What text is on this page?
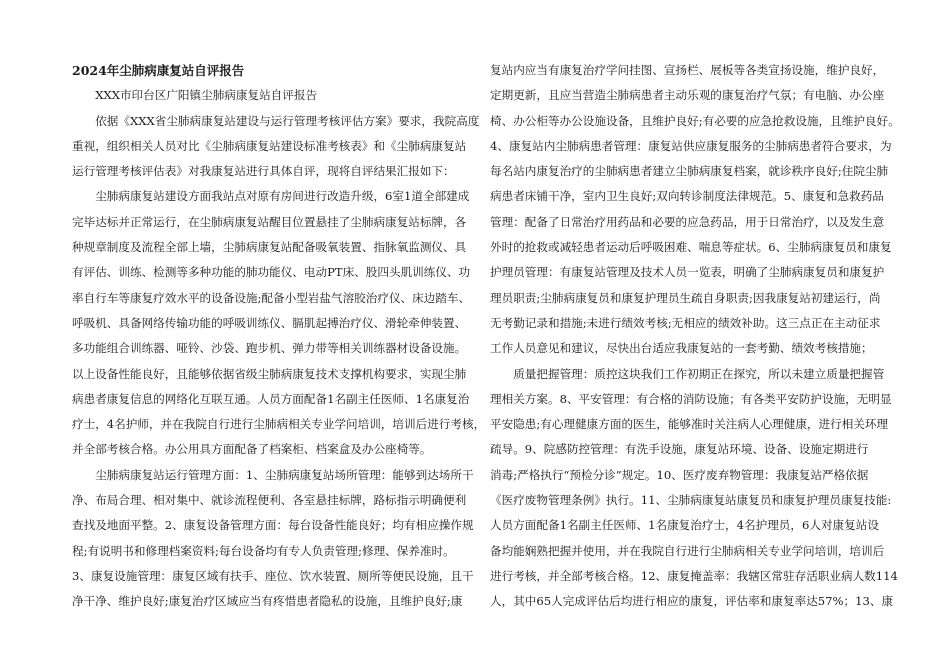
2024年尘肺病康复站自评报告
　　XXX市印台区广阳镇尘肺病康复站自评报告
　　依据《XXX省尘肺病康复站建设与运行管理考核评估方案》要求，我院高度
重视，组织相关人员对比《尘肺病康复站建设标准考核表》和《尘肺病康复站
运行管理考核评估表》对我康复站进行具体自评，现将自评结果汇报如下：
　　尘肺病康复站建设方面我站点对原有房间进行改造升级，6室1道全部建成
完毕达标并正常运行，在尘肺病康复站醒目位置悬挂了尘肺病康复站标牌，各
种规章制度及流程全部上墙，尘肺病康复站配备吸氧装置、指脉氧监测仪、具
有评估、训练、检测等多种功能的肺功能仪、电动PT床、股四头肌训练仪、功
率自行车等康复疗效水平的设备设施;配备小型岩盐气溶胶治疗仪、床边踏车、
呼吸机、具备网络传输功能的呼吸训练仪、膈肌起搏治疗仪、滑轮牵伸装置、
多功能组合训练器、哑铃、沙袋、跑步机、弹力带等相关训练器材设备设施。
以上设备性能良好，且能够依据省级尘肺病康复技术支撑机构要求，实现尘肺
病患者康复信息的网络化互联互通。人员方面配备1名副主任医师、1名康复治
疗士，4名护师，并在我院自行进行尘肺病相关专业学问培训，培训后进行考核，
并全部考核合格。办公用具方面配备了档案柜、档案盒及办公座椅等。
　　尘肺病康复站运行管理方面：1、尘肺病康复站场所管理：能够到达场所干
净、布局合理、相对集中、就诊流程便利、各室悬挂标牌，路标指示明确便利
查找及地面平整。2、康复设备管理方面：每台设备性能良好；均有相应操作规
程;有说明书和修理档案资料;每台设备均有专人负责管理;修理、保养准时。
3、康复设施管理：康复区域有扶手、座位、饮水装置、厕所等便民设施，且干
净干净、维护良好;康复治疗区域应当有疼惜患者隐私的设施，且维护良好;康
复站内应当有康复治疗学问挂图、宣扬栏、展板等各类宣扬设施，维护良好，
定期更新，且应当营造尘肺病患者主动乐观的康复治疗气氛；有电脑、办公座
椅、办公柜等办公设施设备，且维护良好;有必要的应急抢救设施，且维护良好。
4、康复站内尘肺病患者管理：康复站供应康复服务的尘肺病患者符合要求，为
每名站内康复治疗的尘肺病患者建立尘肺病康复档案，就诊秩序良好;住院尘肺
病患者床铺干净，室内卫生良好;双向转诊制度法律规范。5、康复和急救药品
管理：配备了日常治疗用药品和必要的应急药品，用于日常治疗，以及发生意
外时的抢救或减轻患者运动后呼吸困难、喘息等症状。6、尘肺病康复员和康复
护理员管理：有康复站管理及技术人员一览表，明确了尘肺病康复员和康复护
理员职责;尘肺病康复员和康复护理员生疏自身职责;因我康复站初建运行，尚
无考勤记录和措施;未进行绩效考核;无相应的绩效补助。这三点正在主动征求
工作人员意见和建议，尽快出台适应我康复站的一套考勤、绩效考核措施；
　　质量把握管理：质控这块我们工作初期正在探究，所以未建立质量把握管
理相关方案。8、平安管理：有合格的消防设施；有各类平安防护设施，无明显
平安隐患;有心理健康方面的医生，能够准时关注病人心理健康，进行相关环理
疏导。9、院感防控管理：有洗手设施，康复站环境、设备、设施定期进行
消毒;严格执行“预检分诊”规定。10、医疗废弃物管理：我康复站严格依据
《医疗废物管理条例》执行。11、尘肺病康复站康复员和康复护理员康复技能:
人员方面配备1名副主任医师、1名康复治疗士，4名护理员，6人对康复站设
备均能娴熟把握并使用，并在我院自行进行尘肺病相关专业学问培训，培训后
进行考核，并全部考核合格。12、康复掩盖率：我辖区常驻存活职业病人数114
人，其中65人完成评估后均进行相应的康复，评估率和康复率达57%；13、康
